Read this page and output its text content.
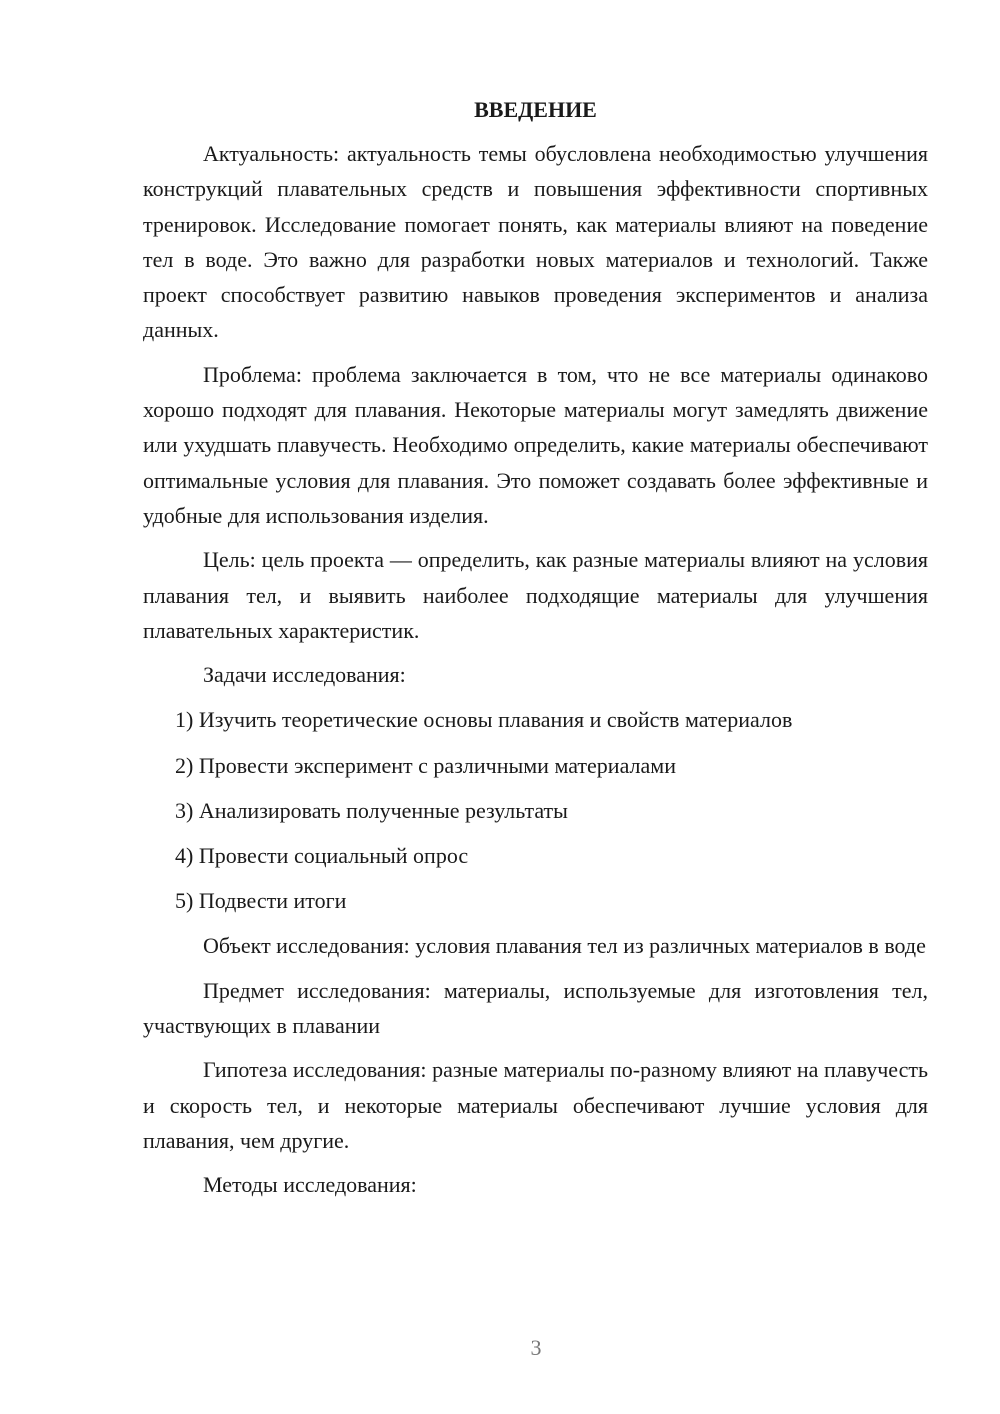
ВВЕДЕНИЕ

Актуальность: актуальность темы обусловлена необходимостью улучшения конструкций плавательных средств и повышения эффективности спортивных тренировок. Исследование помогает понять, как материалы влияют на поведение тел в воде. Это важно для разработки новых материалов и технологий. Также проект способствует развитию навыков проведения экспериментов и анализа данных.

Проблема: проблема заключается в том, что не все материалы одинаково хорошо подходят для плавания. Некоторые материалы могут замедлять движение или ухудшать плавучесть. Необходимо определить, какие материалы обеспечивают оптимальные условия для плавания. Это поможет создавать более эффективные и удобные для использования изделия.

Цель: цель проекта — определить, как разные материалы влияют на условия плавания тел, и выявить наиболее подходящие материалы для улучшения плавательных характеристик.

Задачи исследования:

1) Изучить теоретические основы плавания и свойств материалов

2) Провести эксперимент с различными материалами

3) Анализировать полученные результаты

4) Провести социальный опрос

5) Подвести итоги

Объект исследования: условия плавания тел из различных материалов в воде

Предмет исследования: материалы, используемые для изготовления тел, участвующих в плавании

Гипотеза исследования: разные материалы по-разному влияют на плавучесть и скорость тел, и некоторые материалы обеспечивают лучшие условия для плавания, чем другие.

Методы исследования:

3
